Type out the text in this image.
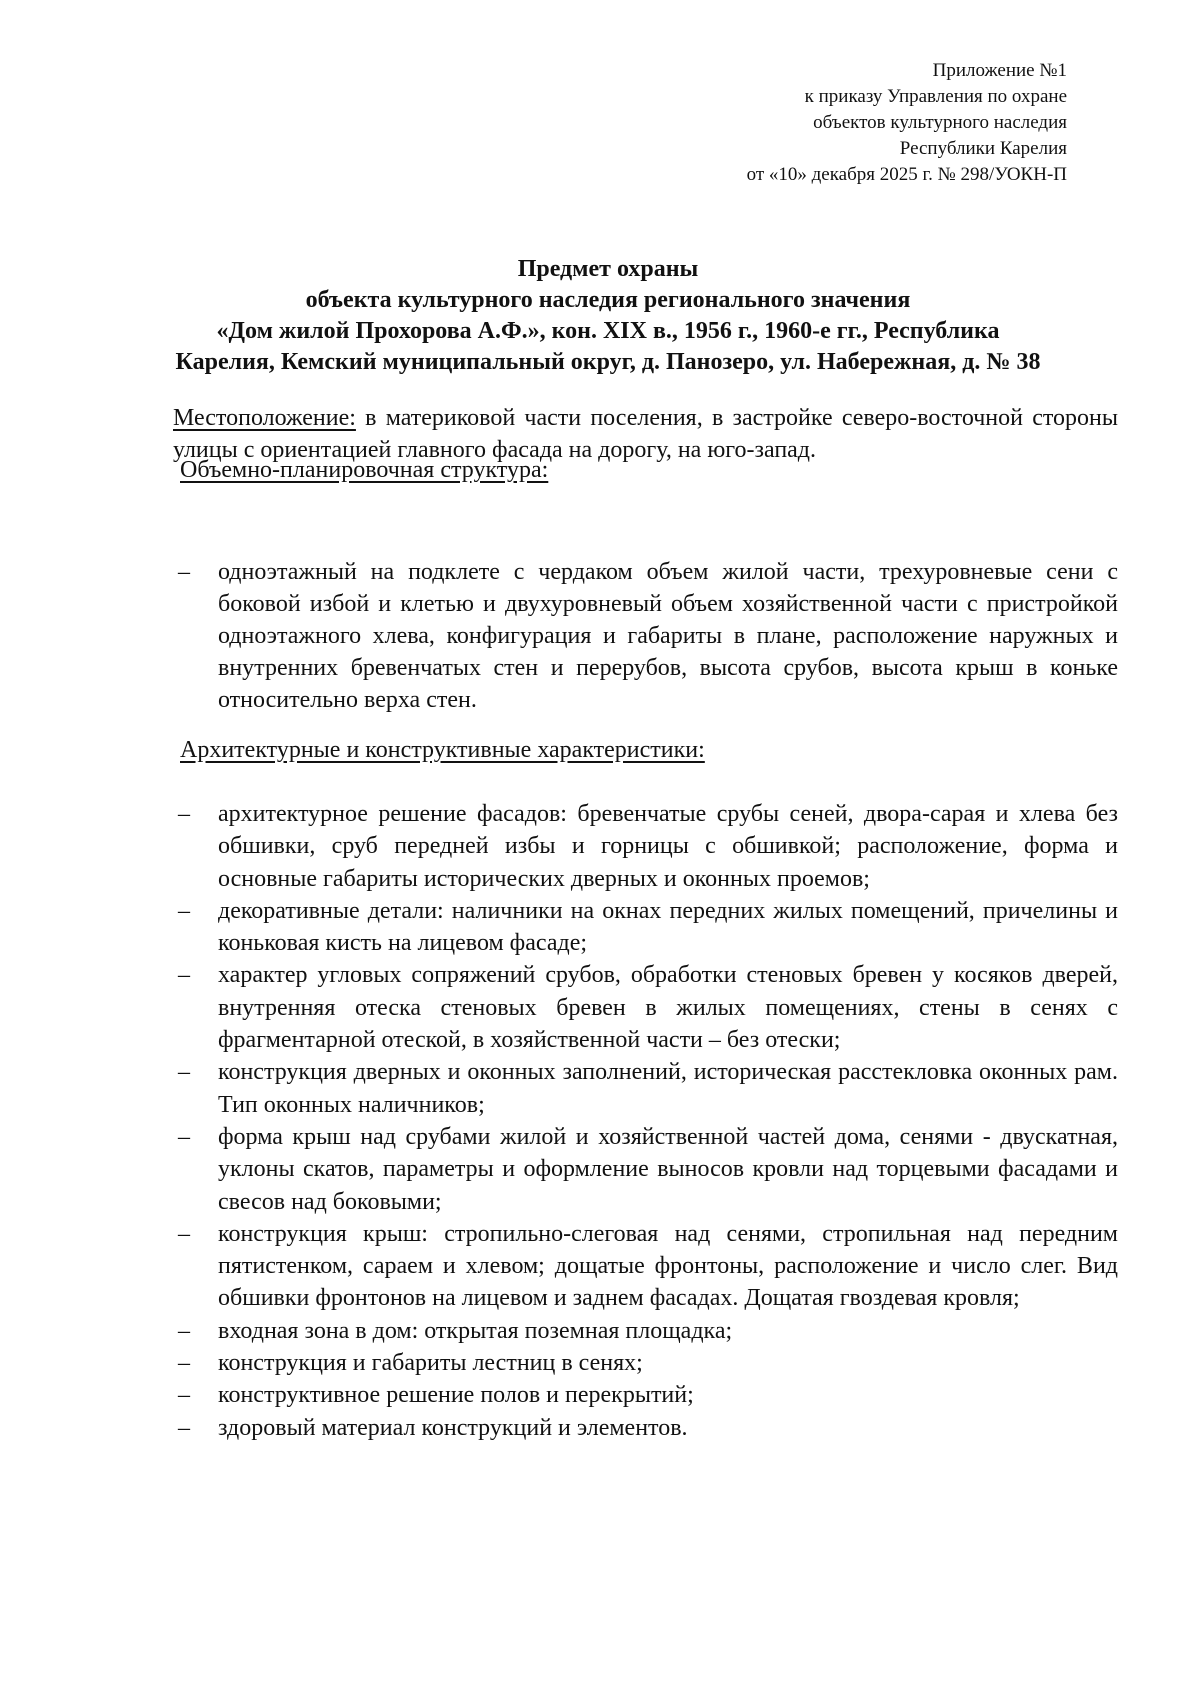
Приложение №1
к приказу Управления по охране
объектов культурного наследия
Республики Карелия
от «10» декабря 2025 г. № 298/УОКН-П
Предмет охраны
объекта культурного наследия регионального значения
«Дом жилой Прохорова А.Ф.», кон. XIX в., 1956 г., 1960-е гг., Республика
Карелия, Кемский муниципальный округ, д. Панозеро, ул. Набережная, д. № 38
Местоположение: в материковой части поселения, в застройке северо-восточной стороны улицы с ориентацией главного фасада на дорогу, на юго-запад.
Объемно-планировочная структура:
– одноэтажный на подклете с чердаком объем жилой части, трехуровневые сени с боковой избой и клетью и двухуровневый объем хозяйственной части с пристройкой одноэтажного хлева, конфигурация и габариты в плане, расположение наружных и внутренних бревенчатых стен и перерубов, высота срубов, высота крыш в коньке относительно верха стен.
Архитектурные и конструктивные характеристики:
– архитектурное решение фасадов: бревенчатые срубы сеней, двора-сарая и хлева без обшивки, сруб передней избы и горницы с обшивкой; расположение, форма и основные габариты исторических дверных и оконных проемов;
– декоративные детали: наличники на окнах передних жилых помещений, причелины и коньковая кисть на лицевом фасаде;
– характер угловых сопряжений срубов, обработки стеновых бревен у косяков дверей, внутренняя отеска стеновых бревен в жилых помещениях, стены в сенях с фрагментарной отеской, в хозяйственной части – без отески;
– конструкция дверных и оконных заполнений, историческая расстекловка оконных рам. Тип оконных наличников;
– форма крыш над срубами жилой и хозяйственной частей дома, сенями - двускатная, уклоны скатов, параметры и оформление выносов кровли над торцевыми фасадами и свесов над боковыми;
– конструкция крыш: стропильно-слеговая над сенями, стропильная над передним пятистенком, сараем и хлевом; дощатые фронтоны, расположение и число слег. Вид обшивки фронтонов на лицевом и заднем фасадах. Дощатая гвоздевая кровля;
– входная зона в дом: открытая поземная площадка;
– конструкция и габариты лестниц в сенях;
– конструктивное решение полов и перекрытий;
– здоровый материал конструкций и элементов.
